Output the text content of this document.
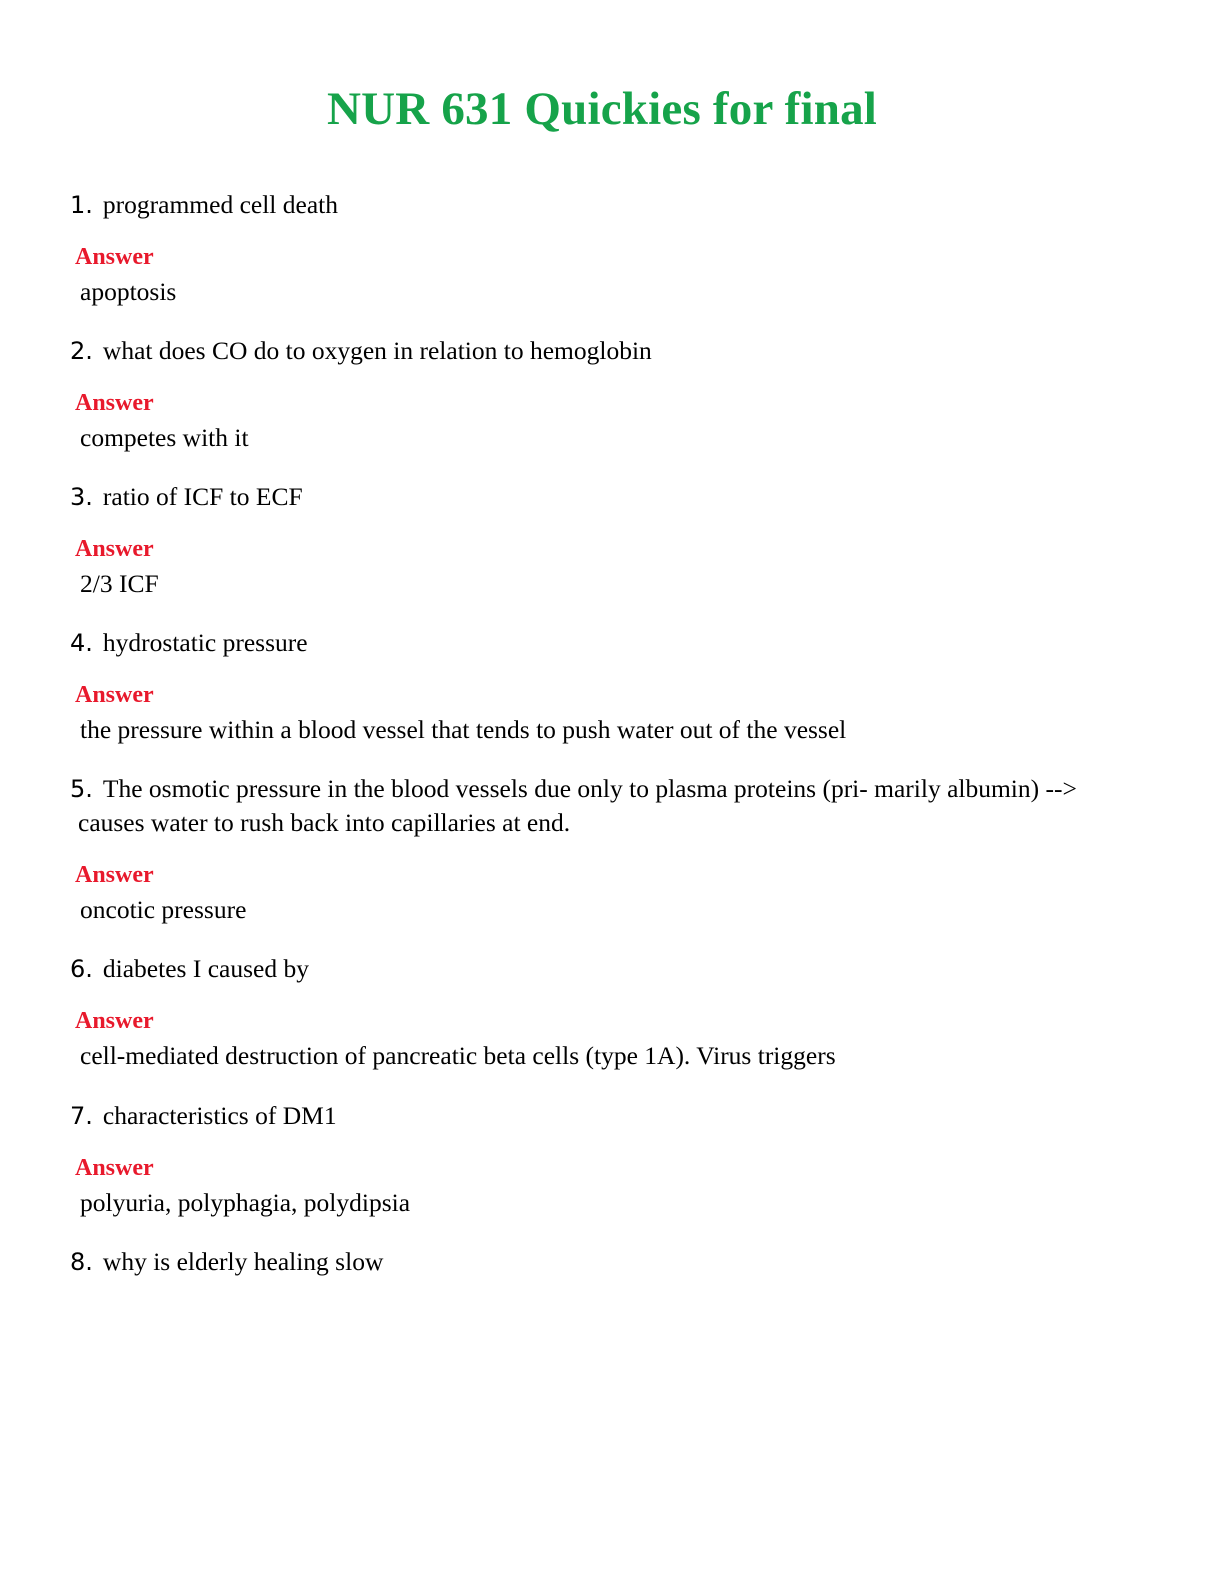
NUR 631 Quickies for final
1. programmed cell death
Answer
apoptosis
2. what does CO do to oxygen in relation to hemoglobin
Answer
competes with it
3. ratio of ICF to ECF
Answer
2/3 ICF
4. hydrostatic pressure
Answer
the pressure within a blood vessel that tends to push water out of the vessel
5. The osmotic pressure in the blood vessels due only to plasma proteins (pri- marily albumin) --> causes water to rush back into capillaries at end.
Answer
oncotic pressure
6. diabetes I caused by
Answer
cell-mediated destruction of pancreatic beta cells (type 1A). Virus triggers
7. characteristics of DM1
Answer
polyuria, polyphagia, polydipsia
8. why is elderly healing slow
